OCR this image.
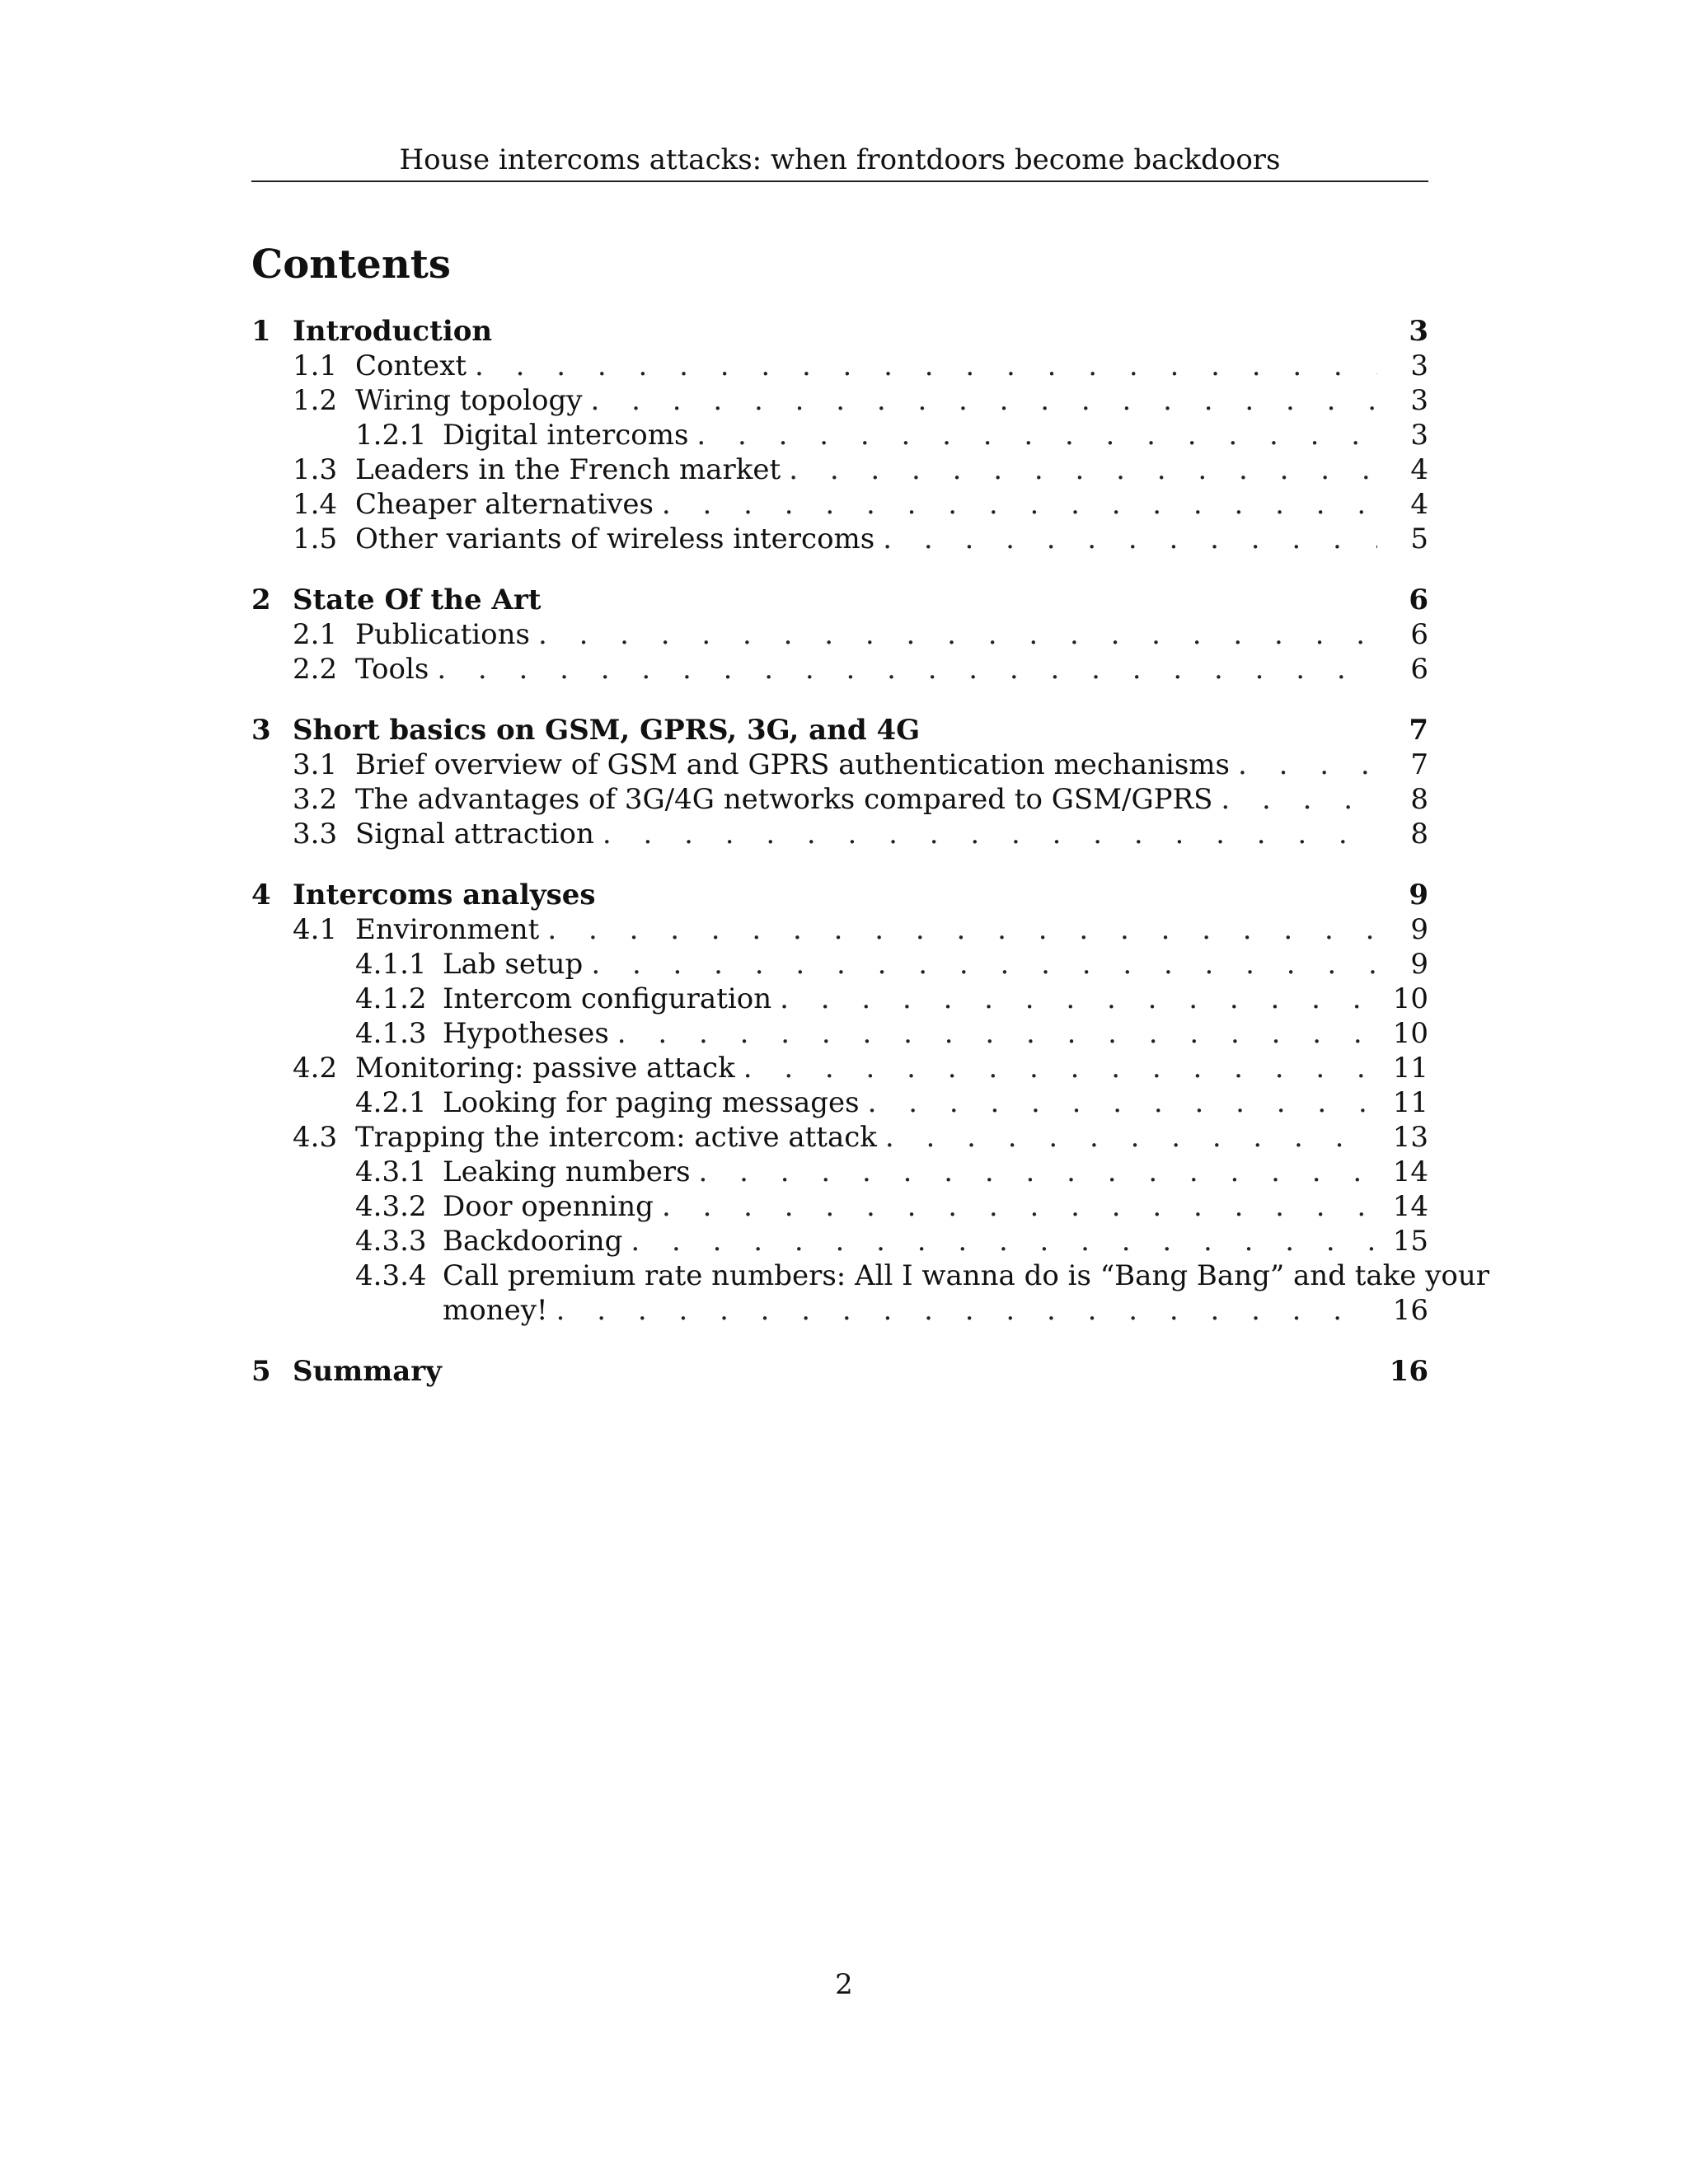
House intercoms attacks: when frontdoors become backdoors
Contents
1 Introduction	3
1.1 Context . . .	3
1.2 Wiring topology . . .	3
1.2.1 Digital intercoms . . .	3
1.3 Leaders in the French market . . .	4
1.4 Cheaper alternatives . . .	4
1.5 Other variants of wireless intercoms . . .	5
2 State Of the Art	6
2.1 Publications . . .	6
2.2 Tools . . .	6
3 Short basics on GSM, GPRS, 3G, and 4G	7
3.1 Brief overview of GSM and GPRS authentication mechanisms . . .	7
3.2 The advantages of 3G/4G networks compared to GSM/GPRS . . .	8
3.3 Signal attraction . . .	8
4 Intercoms analyses	9
4.1 Environment . . .	9
4.1.1 Lab setup . . .	9
4.1.2 Intercom configuration . . .	10
4.1.3 Hypotheses . . .	10
4.2 Monitoring: passive attack . . .	11
4.2.1 Looking for paging messages . . .	11
4.3 Trapping the intercom: active attack . . .	13
4.3.1 Leaking numbers . . .	14
4.3.2 Door openning . . .	14
4.3.3 Backdooring . . .	15
4.3.4 Call premium rate numbers: All I wanna do is “Bang Bang” and take your
money! . . .	16
5 Summary	16
2
